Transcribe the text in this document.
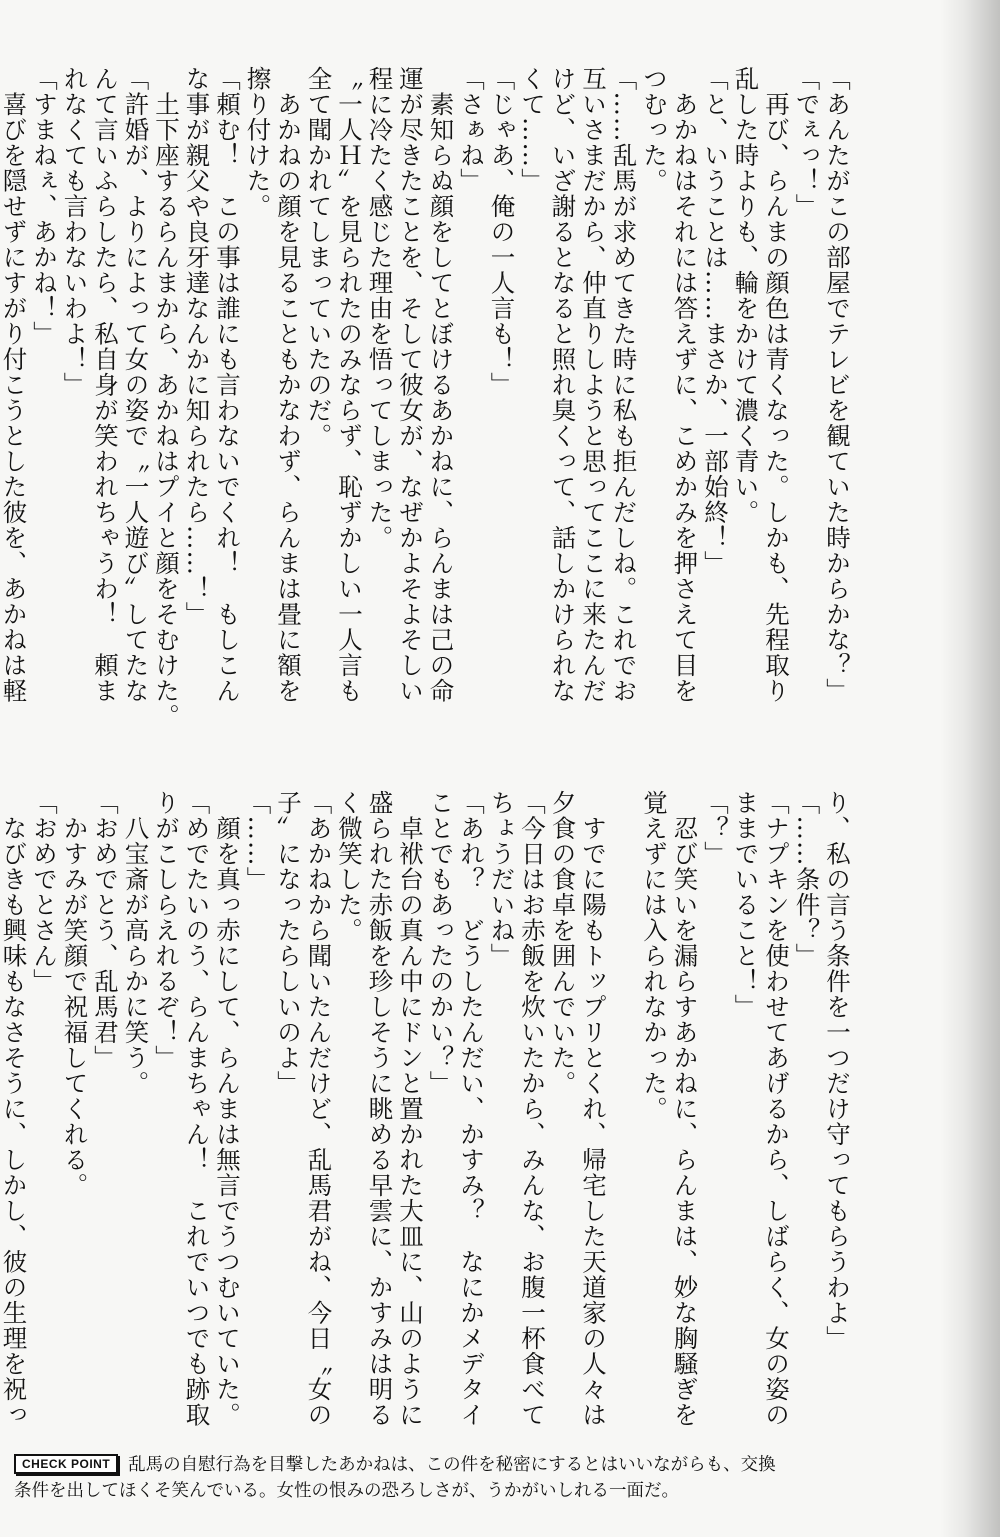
「あんたがこの部屋でテレビを観ていた時からかな？」
「でぇっ！」
　再び、らんまの顔色は青くなった。しかも、先程取り
乱した時よりも、輪をかけて濃く青い。
「と、いうことは……まさか、一部始終！」
　あかねはそれには答えずに、こめかみを押さえて目を
つむった。
「……乱馬が求めてきた時に私も拒んだしね。これでお
互いさまだから、仲直りしようと思ってここに来たんだ
けど、いざ謝るとなると照れ臭くって、話しかけられな
くて……」
「じゃあ、俺の一人言も！」
「さぁね」
　素知らぬ顔をしてとぼけるあかねに、らんまは己の命
運が尽きたことを、そして彼女が、なぜかよそよそしい
程に冷たく感じた理由を悟ってしまった。
〝一人Ｈ〟を見られたのみならず、恥ずかしい一人言も
全て聞かれてしまっていたのだ。
　あかねの顔を見ることもかなわず、らんまは畳に額を
擦り付けた。
「頼む！　この事は誰にも言わないでくれ！　もしこん
な事が親父や良牙達なんかに知られたら……！」
　土下座するらんまから、あかねはプイと顔をそむけた。
「許婚が、よりによって女の姿で〝一人遊び〟してたな
んて言いふらしたら、私自身が笑われちゃうわ！　頼ま
れなくても言わないわよ！」
「すまねぇ、あかね！」
　喜びを隠せずにすがり付こうとした彼を、あかねは軽
り、私の言う条件を一つだけ守ってもらうわよ」
「……条件？」
「ナプキンを使わせてあげるから、しばらく、女の姿の
ままでいること！」
「？」
　忍び笑いを漏らすあかねに、らんまは、妙な胸騒ぎを
覚えずには入られなかった。

　すでに陽もトップリとくれ、帰宅した天道家の人々は
夕食の食卓を囲んでいた。
「今日はお赤飯を炊いたから、みんな、お腹一杯食べて
ちょうだいね」
「あれ？　どうしたんだい、かすみ？　なにかメデタイ
ことでもあったのかい？」
　卓袱台の真ん中にドンと置かれた大皿に、山のように
盛られた赤飯を珍しそうに眺める早雲に、かすみは明る
く微笑した。
「あかねから聞いたんだけど、乱馬君がね、今日〝女の
子〟になったらしいのよ」
「……」
　顔を真っ赤にして、らんまは無言でうつむいていた。
「めでたいのう、らんまちゃん！　これでいつでも跡取
りがこしらえれるぞ！」
　八宝斎が高らかに笑う。
「おめでとう、乱馬君」
　かすみが笑顔で祝福してくれる。
「おめでとさん」
　なびきも興味もなさそうに、しかし、彼の生理を祝っ
CHECK POINT 乱馬の自慰行為を目撃したあかねは、この件を秘密にするとはいいながらも、交換
条件を出してほくそ笑んでいる。女性の恨みの恐ろしさが、うかがいしれる一面だ。
